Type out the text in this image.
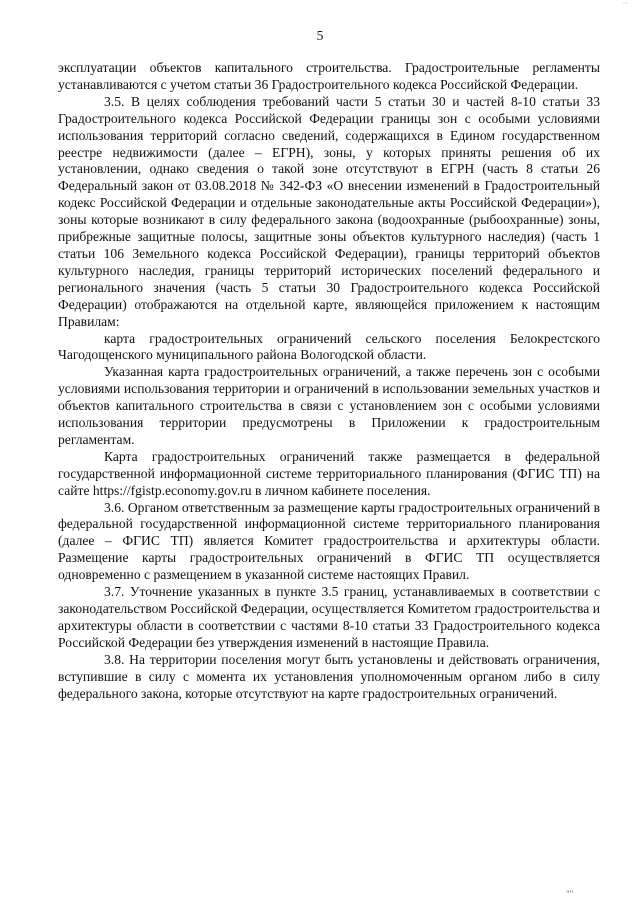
··
5

эксплуатации объектов капитального строительства. Градостроительные регламенты устанавливаются с учетом статьи 36 Градостроительного кодекса Российской Федерации.

3.5. В целях соблюдения требований части 5 статьи 30 и частей 8-10 статьи 33 Градостроительного кодекса Российской Федерации границы зон с особыми условиями использования территорий согласно сведений, содержащихся в Едином государственном реестре недвижимости (далее – ЕГРН), зоны, у которых приняты решения об их установлении, однако сведения о такой зоне отсутствуют в ЕГРН (часть 8 статьи 26 Федеральный закон от 03.08.2018 № 342-ФЗ «О внесении изменений в Градостроительный кодекс Российской Федерации и отдельные законодательные акты Российской Федерации»), зоны которые возникают в силу федерального закона (водоохранные (рыбоохранные) зоны, прибрежные защитные полосы, защитные зоны объектов культурного наследия) (часть 1 статьи 106 Земельного кодекса Российской Федерации), границы территорий объектов культурного наследия, границы территорий исторических поселений федерального и регионального значения (часть 5 статьи 30 Градостроительного кодекса Российской Федерации) отображаются на отдельной карте, являющейся приложением к настоящим Правилам:

карта градостроительных ограничений сельского поселения Белокрестского Чагодощенского муниципального района Вологодской области.

Указанная карта градостроительных ограничений, а также перечень зон с особыми условиями использования территории и ограничений в использовании земельных участков и объектов капитального строительства в связи с установлением зон с особыми условиями использования территории предусмотрены в Приложении к градостроительным регламентам.

Карта градостроительных ограничений также размещается в федеральной государственной информационной системе территориального планирования (ФГИС ТП) на сайте https://fgistp.economy.gov.ru в личном кабинете поселения.

3.6. Органом ответственным за размещение карты градостроительных ограничений в федеральной государственной информационной системе территориального планирования (далее – ФГИС ТП) является Комитет градостроительства и архитектуры области. Размещение карты градостроительных ограничений в ФГИС ТП осуществляется одновременно с размещением в указанной системе настоящих Правил.

3.7. Уточнение указанных в пункте 3.5 границ, устанавливаемых в соответствии с законодательством Российской Федерации, осуществляется Комитетом градостроительства и архитектуры области в соответствии с частями 8-10 статьи 33 Градостроительного кодекса Российской Федерации без утверждения изменений в настоящие Правила.

3.8. На территории поселения могут быть установлены и действовать ограничения, вступившие в силу с момента их установления уполномоченным органом либо в силу федерального закона, которые отсутствуют на карте градостроительных ограничений.

""
